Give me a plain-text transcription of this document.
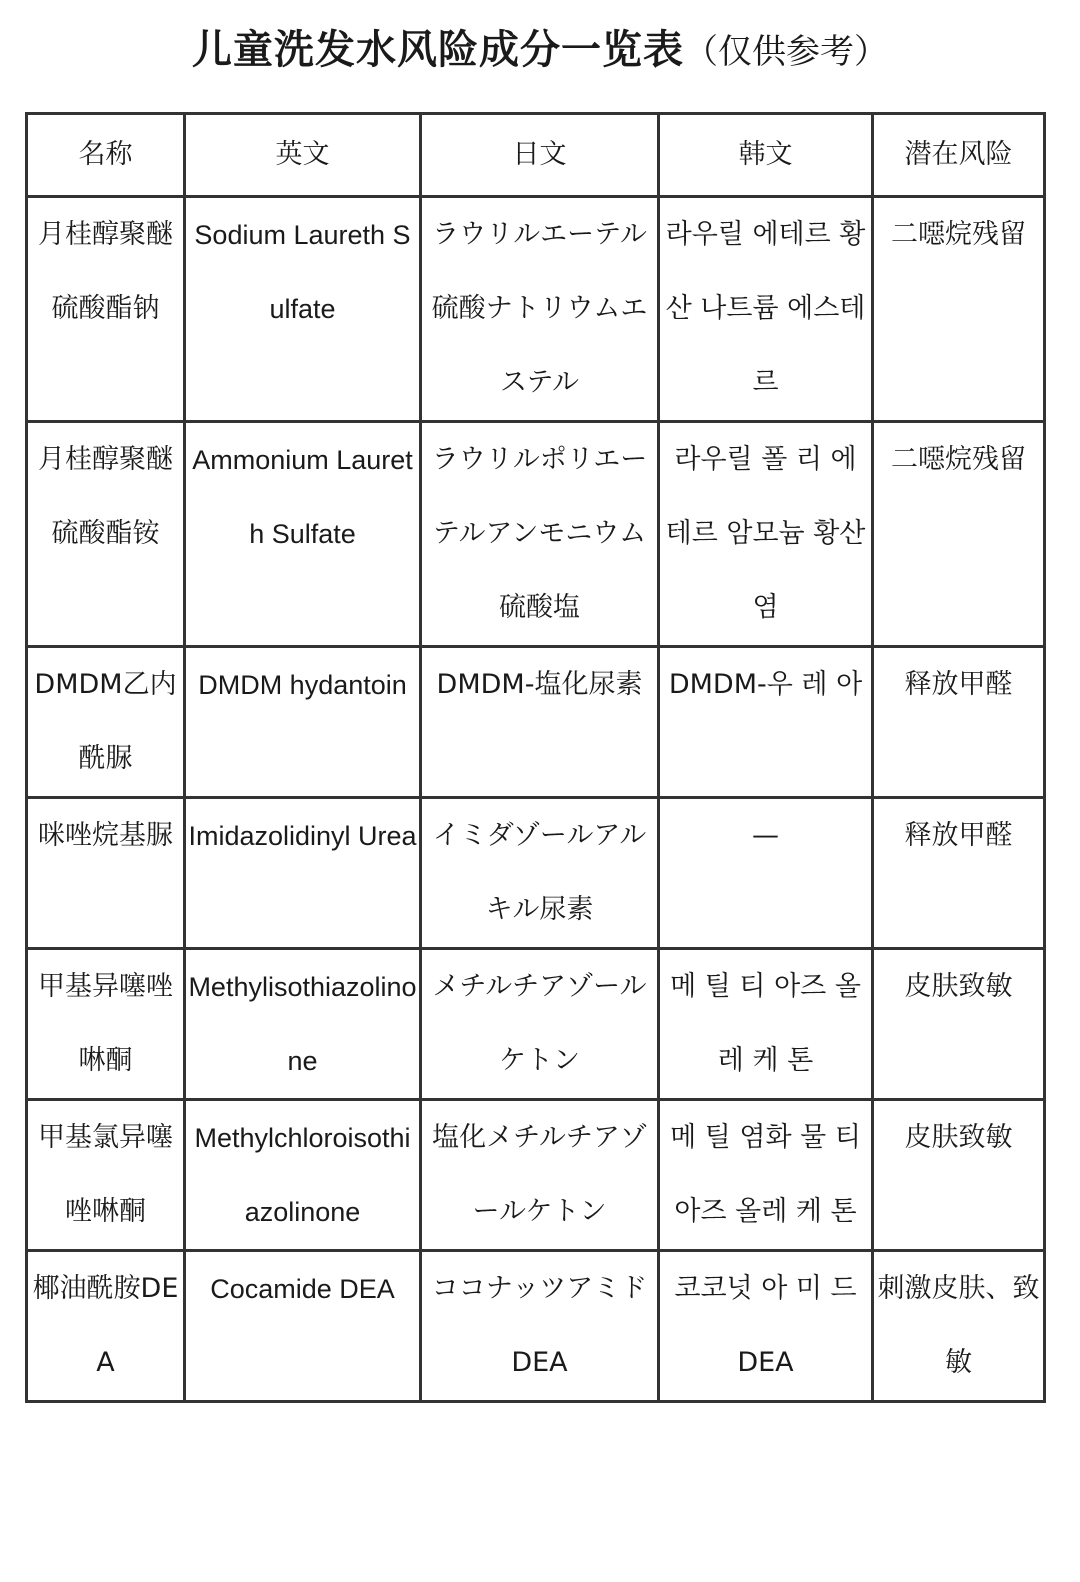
儿童洗发水风险成分一览表（仅供参考）
名称	英文	日文	韩文	潜在风险
月桂醇聚醚硫酸酯钠	Sodium Laureth Sulfate	ラウリルエーテル硫酸ナトリウムエステル	라우릴 에테르 황산 나트륨 에스테 르	二噁烷残留
月桂醇聚醚硫酸酯铵	Ammonium Laureth Sulfate	ラウリルポリエーテルアンモニウム硫酸塩	라우릴 폴 리 에테르 암모늄 황산 염	二噁烷残留
DMDM乙内酰脲	DMDM hydantoin	DMDM-塩化尿素	DMDM-우 레 아	释放甲醛
咪唑烷基脲	Imidazolidinyl Urea	イミダゾールアルキル尿素	—	释放甲醛
甲基异噻唑啉酮	Methylisothiazolinone	メチルチアゾールケトン	메 틸 티 아즈 올레 케 톤	皮肤致敏
甲基氯异噻唑啉酮	Methylchloroisothiazolinone	塩化メチルチアゾールケトン	메 틸 염화 물 티 아즈 올레 케 톤	皮肤致敏
椰油酰胺DEA	Cocamide DEA	ココナッツアミド DEA	코코넛 아 미 드 DEA	刺激皮肤、致敏
